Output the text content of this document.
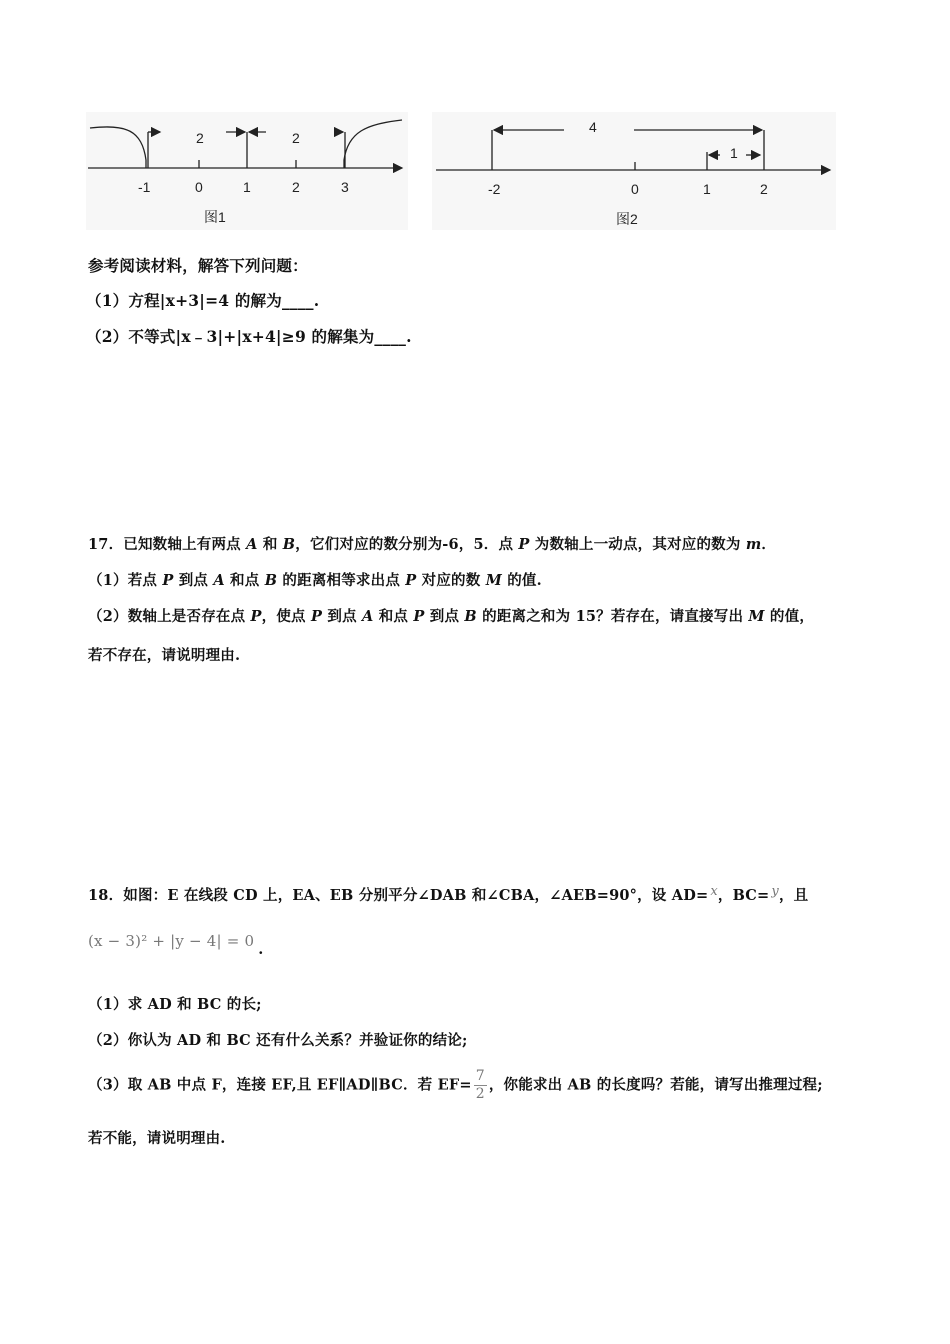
2	2
-1	0	1	2	3
图1
4
1
-2	0	1	2
图2
参考阅读材料，解答下列问题：
（1）方程|x+3|=4 的解为____.
（2）不等式|x﹣3|+|x+4|≥9 的解集为____.
17．已知数轴上有两点 A 和 B，它们对应的数分别为-6，5．点 P 为数轴上一动点，其对应的数为 m．
（1）若点 P 到点 A 和点 B 的距离相等求出点 P 对应的数 M 的值.
（2）数轴上是否存在点 P，使点 P 到点 A 和点 P 到点 B 的距离之和为 15？若存在，请直接写出 M 的值，
若不存在，请说明理由.
18．如图：E 在线段 CD 上，EA、EB 分别平分∠DAB 和∠CBA，∠AEB=90°，设 AD= x，BC= y，且
(x − 3)² + |y − 4| = 0 .
（1）求 AD 和 BC 的长;
（2）你认为 AD 和 BC 还有什么关系？并验证你的结论;
（3）取 AB 中点 F，连接 EF,且 EF∥AD∥BC．若 $EF= \frac{7}{2}$ ，你能求出 AB 的长度吗？若能，请写出推理过程;
若不能，请说明理由.
